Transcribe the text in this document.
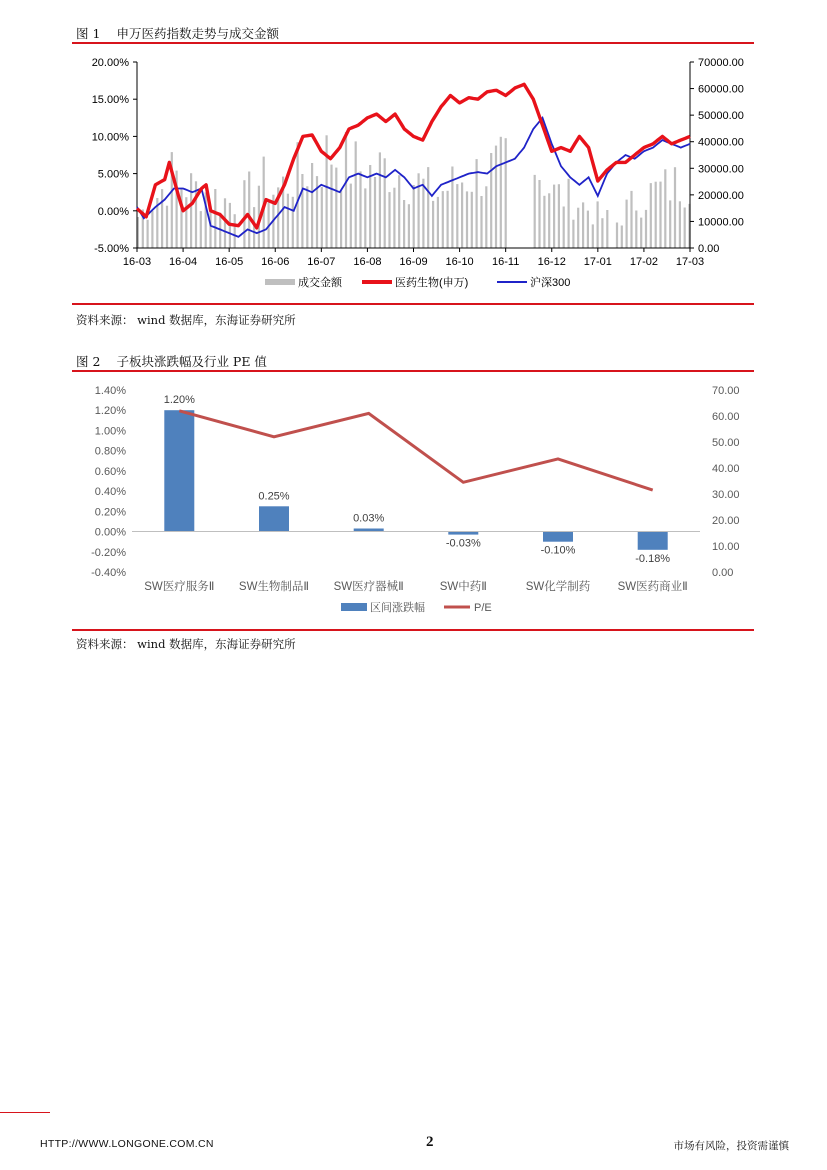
图 1 申万医药指数走势与成交金额
20.00%
15.00%
10.00%
5.00%
0.00%
-5.00%
70000.00
60000.00
50000.00
40000.00
30000.00
20000.00
10000.00
0.00
16-03 16-04 16-05 16-06 16-07 16-08 16-09 16-10 16-11 16-12 17-01 17-02 17-03
成交金额	医药生物(申万)	沪深300
资料来源： wind 数据库，东海证券研究所
图 2 子板块涨跌幅及行业 PE 值
1.20%
0.25%
0.03%
-0.03%
-0.10%
-0.18%
1.40%
1.20%
1.00%
0.80%
0.60%
0.40%
0.20%
0.00%
-0.20%
-0.40%
70.00
60.00
50.00
40.00
30.00
20.00
10.00
0.00
SW医疗服务Ⅱ SW生物制品Ⅱ SW医疗器械Ⅱ	SW中药Ⅱ	SW化学制药 SW医药商业Ⅱ
区间涨跌幅	P/E
资料来源： wind 数据库，东海证券研究所
HTTP://WWW.LONGONE.COM.CN	2	市场有风险，投资需谨慎
